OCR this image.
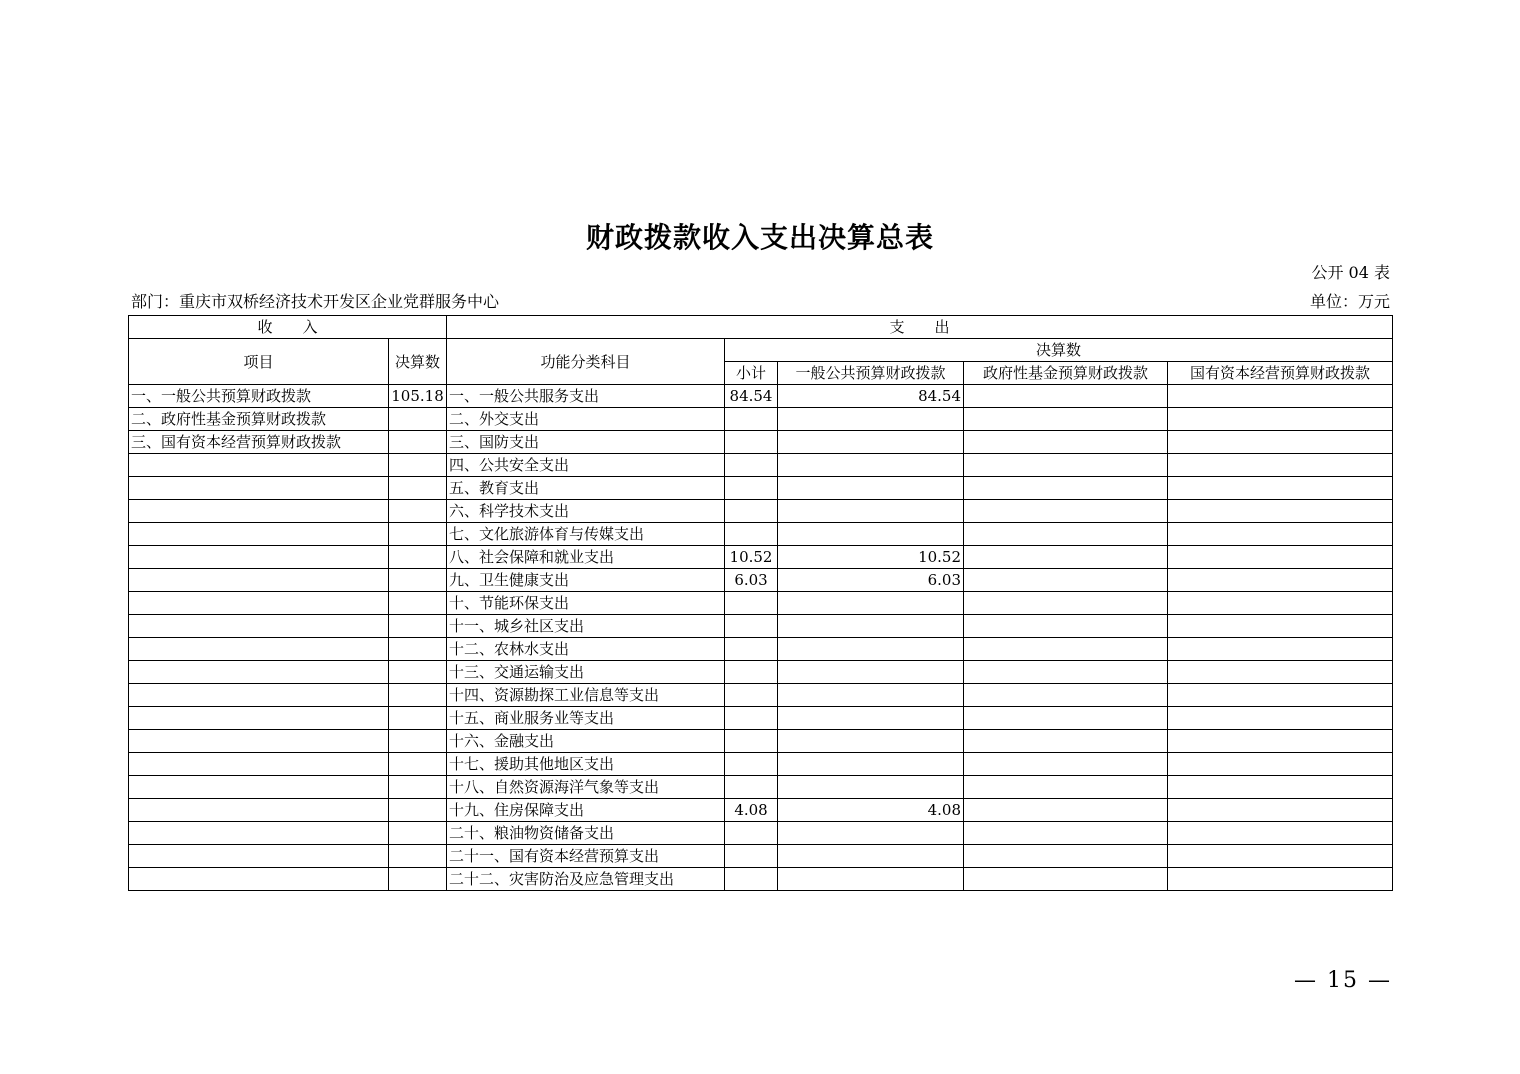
财政拨款收入支出决算总表
公开 04 表
部门：重庆市双桥经济技术开发区企业党群服务中心	单位：万元
收　　入		支　　出				
项目	决算数	功能分类科目	决算数			
			小计	一般公共预算财政拨款	政府性基金预算财政拨款	国有资本经营预算财政拨款
一、一般公共预算财政拨款	105.18	一、一般公共服务支出	84.54	84.54		
二、政府性基金预算财政拨款		二、外交支出				
三、国有资本经营预算财政拨款		三、国防支出				
		四、公共安全支出				
		五、教育支出				
		六、科学技术支出				
		七、文化旅游体育与传媒支出				
		八、社会保障和就业支出	10.52	10.52		
		九、卫生健康支出	6.03	6.03		
		十、节能环保支出				
		十一、城乡社区支出				
		十二、农林水支出				
		十三、交通运输支出				
		十四、资源勘探工业信息等支出				
		十五、商业服务业等支出				
		十六、金融支出				
		十七、援助其他地区支出				
		十八、自然资源海洋气象等支出				
		十九、住房保障支出	4.08	4.08		
		二十、粮油物资储备支出				
		二十一、国有资本经营预算支出				
		二十二、灾害防治及应急管理支出				
— 15 —
